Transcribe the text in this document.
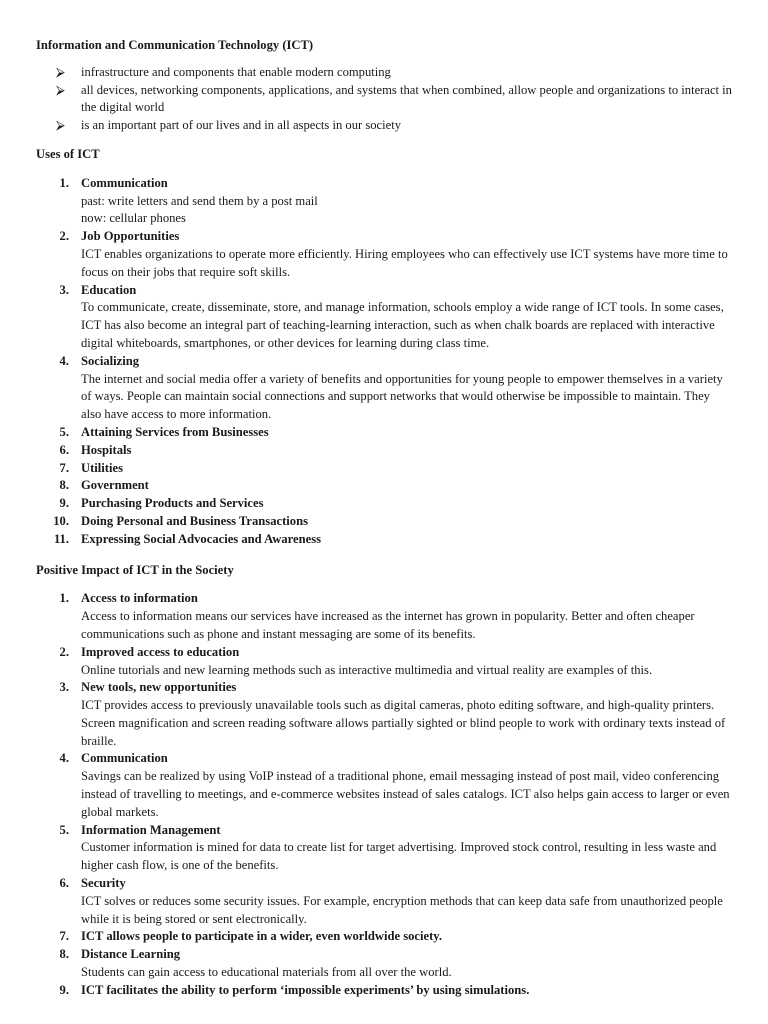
Information and Communication Technology (ICT)

⮚ infrastructure and components that enable modern computing
⮚ all devices, networking components, applications, and systems that when combined, allow people and organizations to interact in the digital world
⮚ is an important part of our lives and in all aspects in our society
Uses of ICT
1. Communication
past: write letters and send them by a post mail
now: cellular phones
2. Job Opportunities
ICT enables organizations to operate more efficiently. Hiring employees who can effectively use ICT systems have more time to focus on their jobs that require soft skills.
3. Education
To communicate, create, disseminate, store, and manage information, schools employ a wide range of ICT tools. In some cases, ICT has also become an integral part of teaching-learning interaction, such as when chalk boards are replaced with interactive digital whiteboards, smartphones, or other devices for learning during class time.
4. Socializing
The internet and social media offer a variety of benefits and opportunities for young people to empower themselves in a variety of ways. People can maintain social connections and support networks that would otherwise be impossible to maintain. They also have access to more information.
5. Attaining Services from Businesses
6. Hospitals
7. Utilities
8. Government
9. Purchasing Products and Services
10. Doing Personal and Business Transactions
11. Expressing Social Advocacies and Awareness
Positive Impact of ICT in the Society
1. Access to information
Access to information means our services have increased as the internet has grown in popularity. Better and often cheaper communications such as phone and instant messaging are some of its benefits.
2. Improved access to education
Online tutorials and new learning methods such as interactive multimedia and virtual reality are examples of this.
3. New tools, new opportunities
ICT provides access to previously unavailable tools such as digital cameras, photo editing software, and high-quality printers. Screen magnification and screen reading software allows partially sighted or blind people to work with ordinary texts instead of braille.
4. Communication
Savings can be realized by using VoIP instead of a traditional phone, email messaging instead of post mail, video conferencing instead of travelling to meetings, and e-commerce websites instead of sales catalogs. ICT also helps gain access to larger or even global markets.
5. Information Management
Customer information is mined for data to create list for target advertising. Improved stock control, resulting in less waste and higher cash flow, is one of the benefits.
6. Security
ICT solves or reduces some security issues. For example, encryption methods that can keep data safe from unauthorized people while it is being stored or sent electronically.
7. ICT allows people to participate in a wider, even worldwide society.
8. Distance Learning
Students can gain access to educational materials from all over the world.
9. ICT facilitates the ability to perform ‘impossible experiments’ by using simulations.
